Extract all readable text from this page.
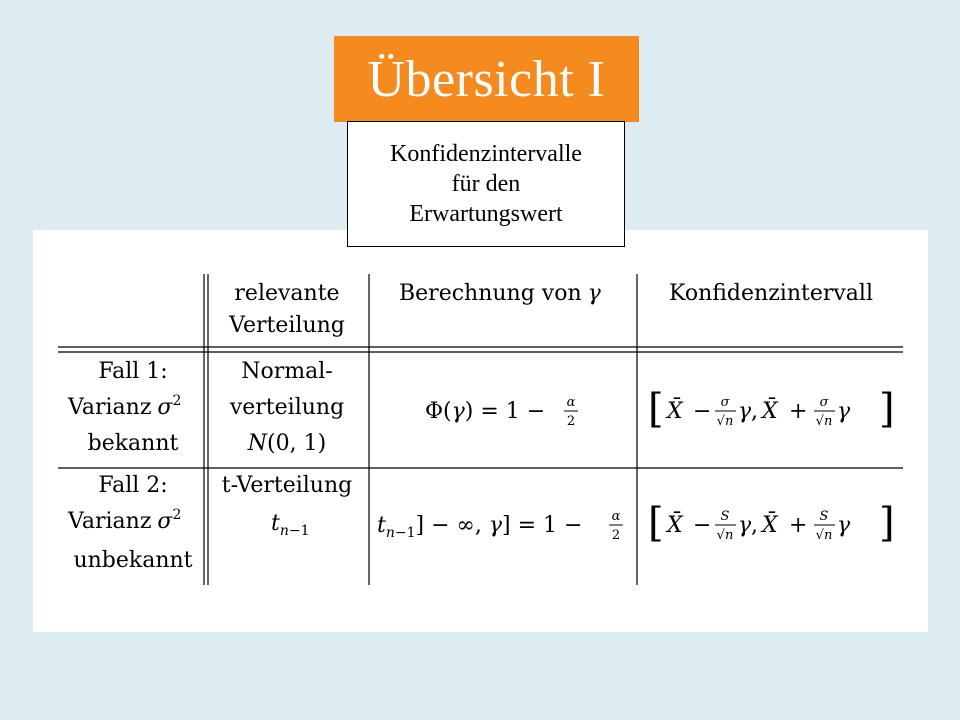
Übersicht I
Konfidenzintervalle
für den
Erwartungswert
relevante
Verteilung
Berechnung von γ	Konfidenzintervall
Fall 1:
Varianz $\sigma^2$
bekannt
Normal-
verteilung
N(0, 1)
Φ(γ) = 1 − α
2 [ X̄ − σ
√n γ , X̄ + σ
√n γ ]
Fall 2:
Varianz $\sigma^2$
unbekannt
t-Verteilung
$t_n-1$	$t_n-1$] − ∞, γ] = 1 − α
2 [ X̄ − S
√n γ , X̄ + S
√n γ ]
